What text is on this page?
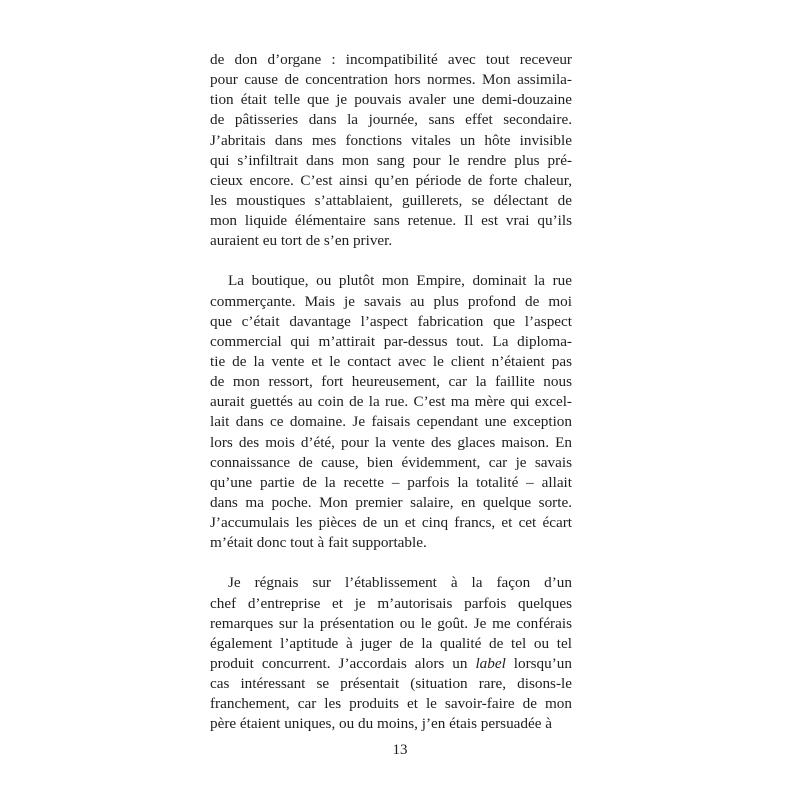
de don d’organe : incompatibilité avec tout receveur
pour cause de concentration hors normes. Mon assimila-
tion était telle que je pouvais avaler une demi-douzaine
de pâtisseries dans la journée, sans effet secondaire.
J’abritais dans mes fonctions vitales un hôte invisible
qui s’infiltrait dans mon sang pour le rendre plus pré-
cieux encore. C’est ainsi qu’en période de forte chaleur,
les moustiques s’attablaient, guillerets, se délectant de
mon liquide élémentaire sans retenue. Il est vrai qu’ils
auraient eu tort de s’en priver.

La boutique, ou plutôt mon Empire, dominait la rue
commerçante. Mais je savais au plus profond de moi
que c’était davantage l’aspect fabrication que l’aspect
commercial qui m’attirait par-dessus tout. La diploma-
tie de la vente et le contact avec le client n’étaient pas
de mon ressort, fort heureusement, car la faillite nous
aurait guettés au coin de la rue. C’est ma mère qui excel-
lait dans ce domaine. Je faisais cependant une exception
lors des mois d’été, pour la vente des glaces maison. En
connaissance de cause, bien évidemment, car je savais
qu’une partie de la recette – parfois la totalité – allait
dans ma poche. Mon premier salaire, en quelque sorte.
J’accumulais les pièces de un et cinq francs, et cet écart
m’était donc tout à fait supportable.

Je régnais sur l’établissement à la façon d’un
chef d’entreprise et je m’autorisais parfois quelques
remarques sur la présentation ou le goût. Je me conférais
également l’aptitude à juger de la qualité de tel ou tel
produit concurrent. J’accordais alors un label lorsqu’un
cas intéressant se présentait (situation rare, disons-le
franchement, car les produits et le savoir-faire de mon
père étaient uniques, ou du moins, j’en étais persuadée à

13
